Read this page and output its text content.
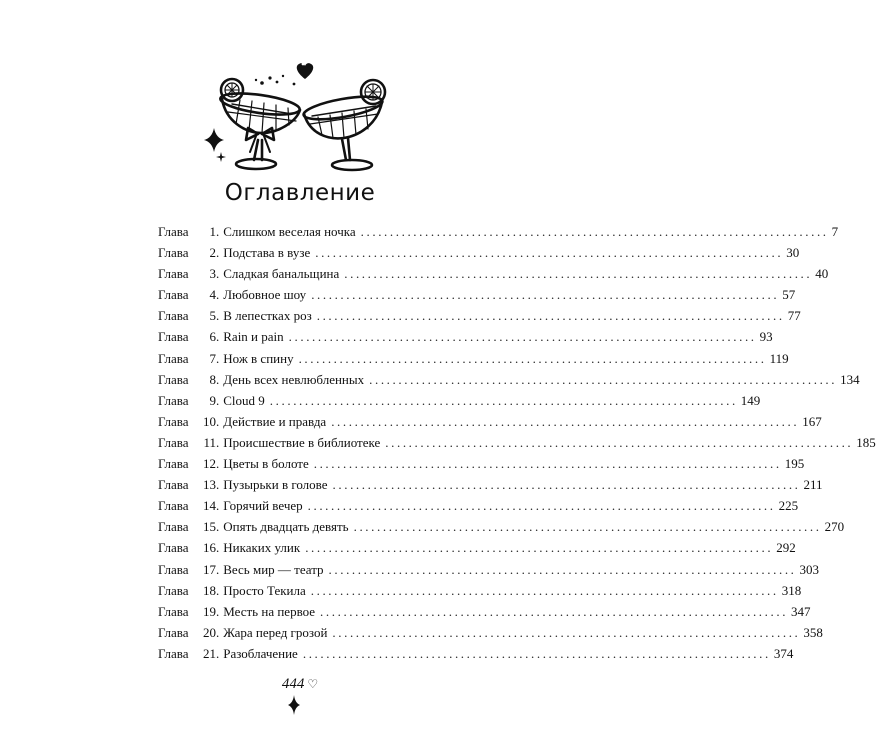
Оглавление
Глава	1 . Слишком веселая ночка ................................................................................ 7
Глава	2 . Подстава в вузе ................................................................................ 30
Глава	3 . Сладкая банальщина ................................................................................ 40
Глава	4 . Любовное шоу ................................................................................ 57
Глава	5 . В лепестках роз ................................................................................ 77
Глава	6 . Rain и pain ................................................................................ 93
Глава	7 . Нож в спину ................................................................................ 119
Глава	8 . День всех невлюбленных ................................................................................ 134
Глава	9 . Cloud 9 ................................................................................ 149
Глава	10 . Действие и правда ................................................................................ 167
Глава	11 . Происшествие в библиотеке ................................................................................ 185
Глава	12 . Цветы в болоте ................................................................................ 195
Глава	13 . Пузырьки в голове ................................................................................ 211
Глава	14 . Горячий вечер ................................................................................ 225
Глава	15 . Опять двадцать девять ................................................................................ 270
Глава	16 . Никаких улик ................................................................................ 292
Глава	17 . Весь мир — театр ................................................................................ 303
Глава	18 . Просто Текила ................................................................................ 318
Глава	19 . Месть на первое ................................................................................ 347
Глава	20 . Жара перед грозой ................................................................................ 358
Глава	21 . Разоблачение ................................................................................ 374
444 ♡
